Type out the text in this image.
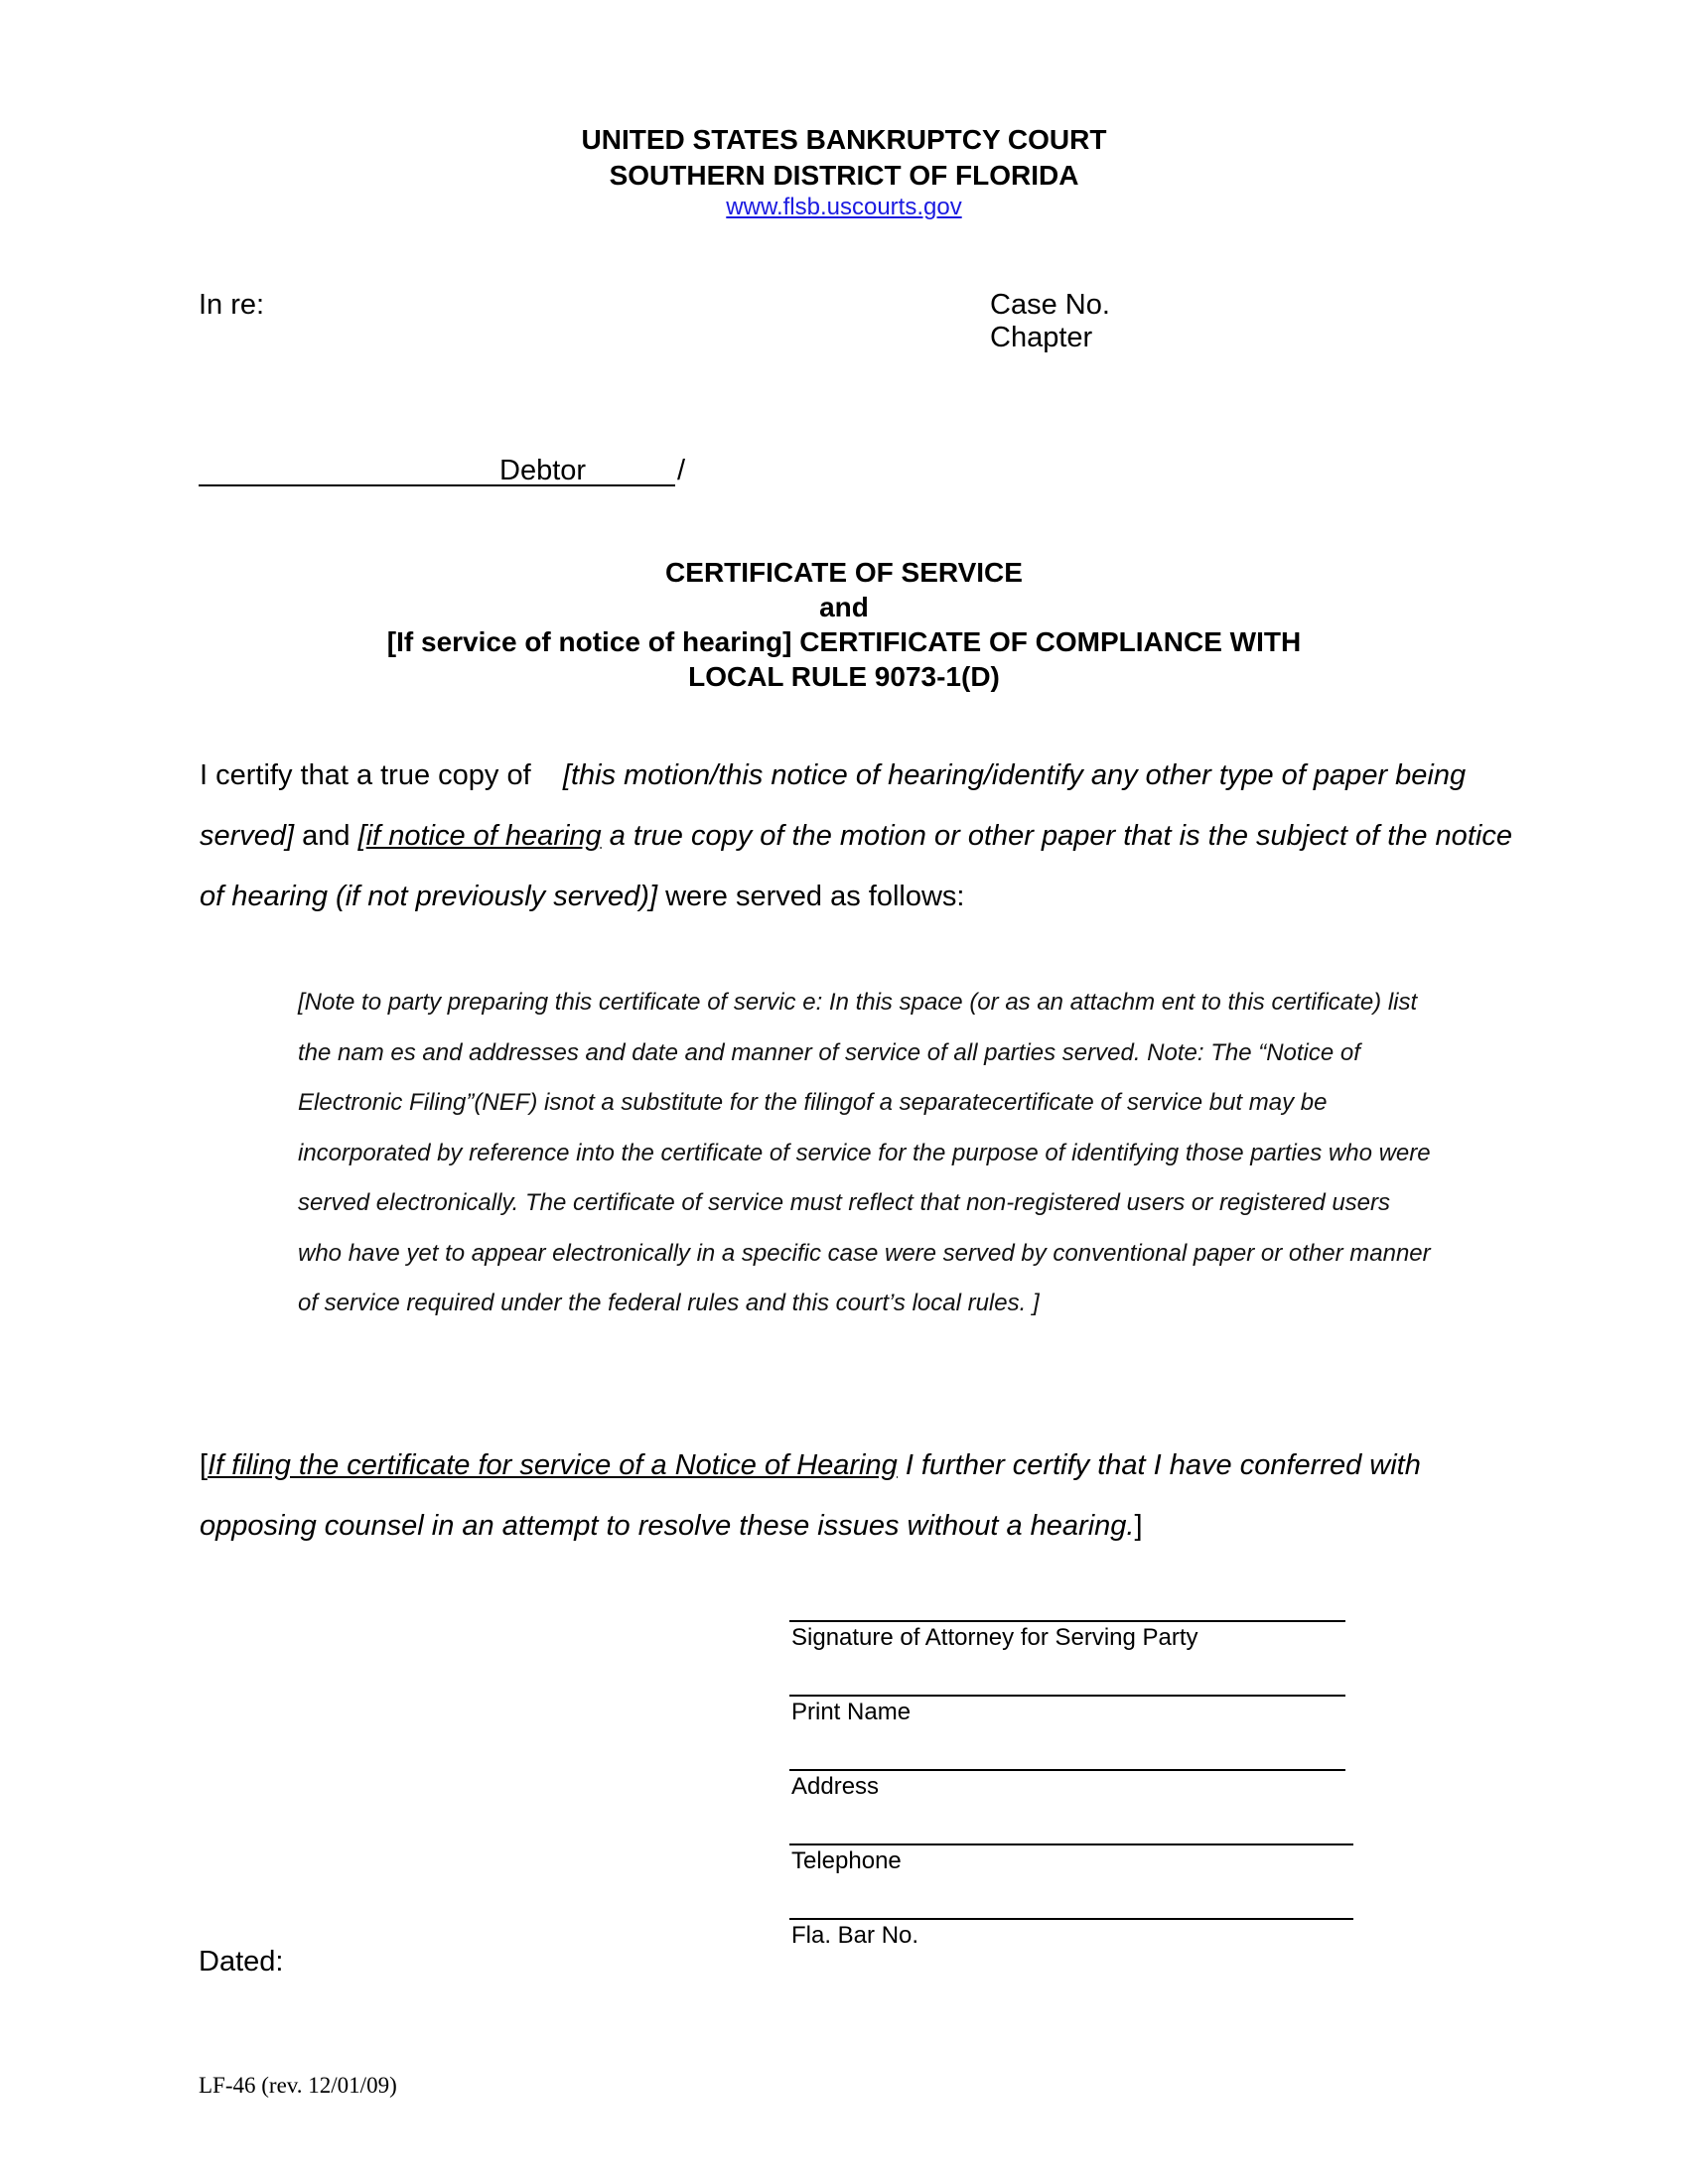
UNITED STATES BANKRUPTCY COURT
SOUTHERN DISTRICT OF FLORIDA
www.flsb.uscourts.gov
In re:	Case No.
Chapter
Debtor	/
CERTIFICATE OF SERVICE
and
[If service of notice of hearing] CERTIFICATE OF COMPLIANCE WITH
LOCAL RULE 9073-1(D)
I certify that a true copy of [this motion/this notice of hearing/identify any other type of paper being served] and [if notice of hearing a true copy of the motion or other paper that is the subject of the notice of hearing (if not previously served)] were served as follows:
[Note to party preparing this certificate of servic e: In this space (or as an attachm ent to this certificate) list the nam es and addresses and date and manner of service of all parties served. Note: The “Notice of Electronic Filing”(NEF) isnot a substitute for the filingof a separatecertificate of service but may be incorporated by reference into the certificate of service for the purpose of identifying those parties who were served electronically. The certificate of service must reflect that non-registered users or registered users who have yet to appear electronically in a specific case were served by conventional paper or other manner of service required under the federal rules and this court’s local rules. ]
[If filing the certificate for service of a Notice of Hearing I further certify that I have conferred with opposing counsel in an attempt to resolve these issues without a hearing.]
Signature of Attorney for Serving Party
Print Name
Address
Telephone
Fla. Bar No.
Dated:
LF-46 (rev. 12/01/09)
